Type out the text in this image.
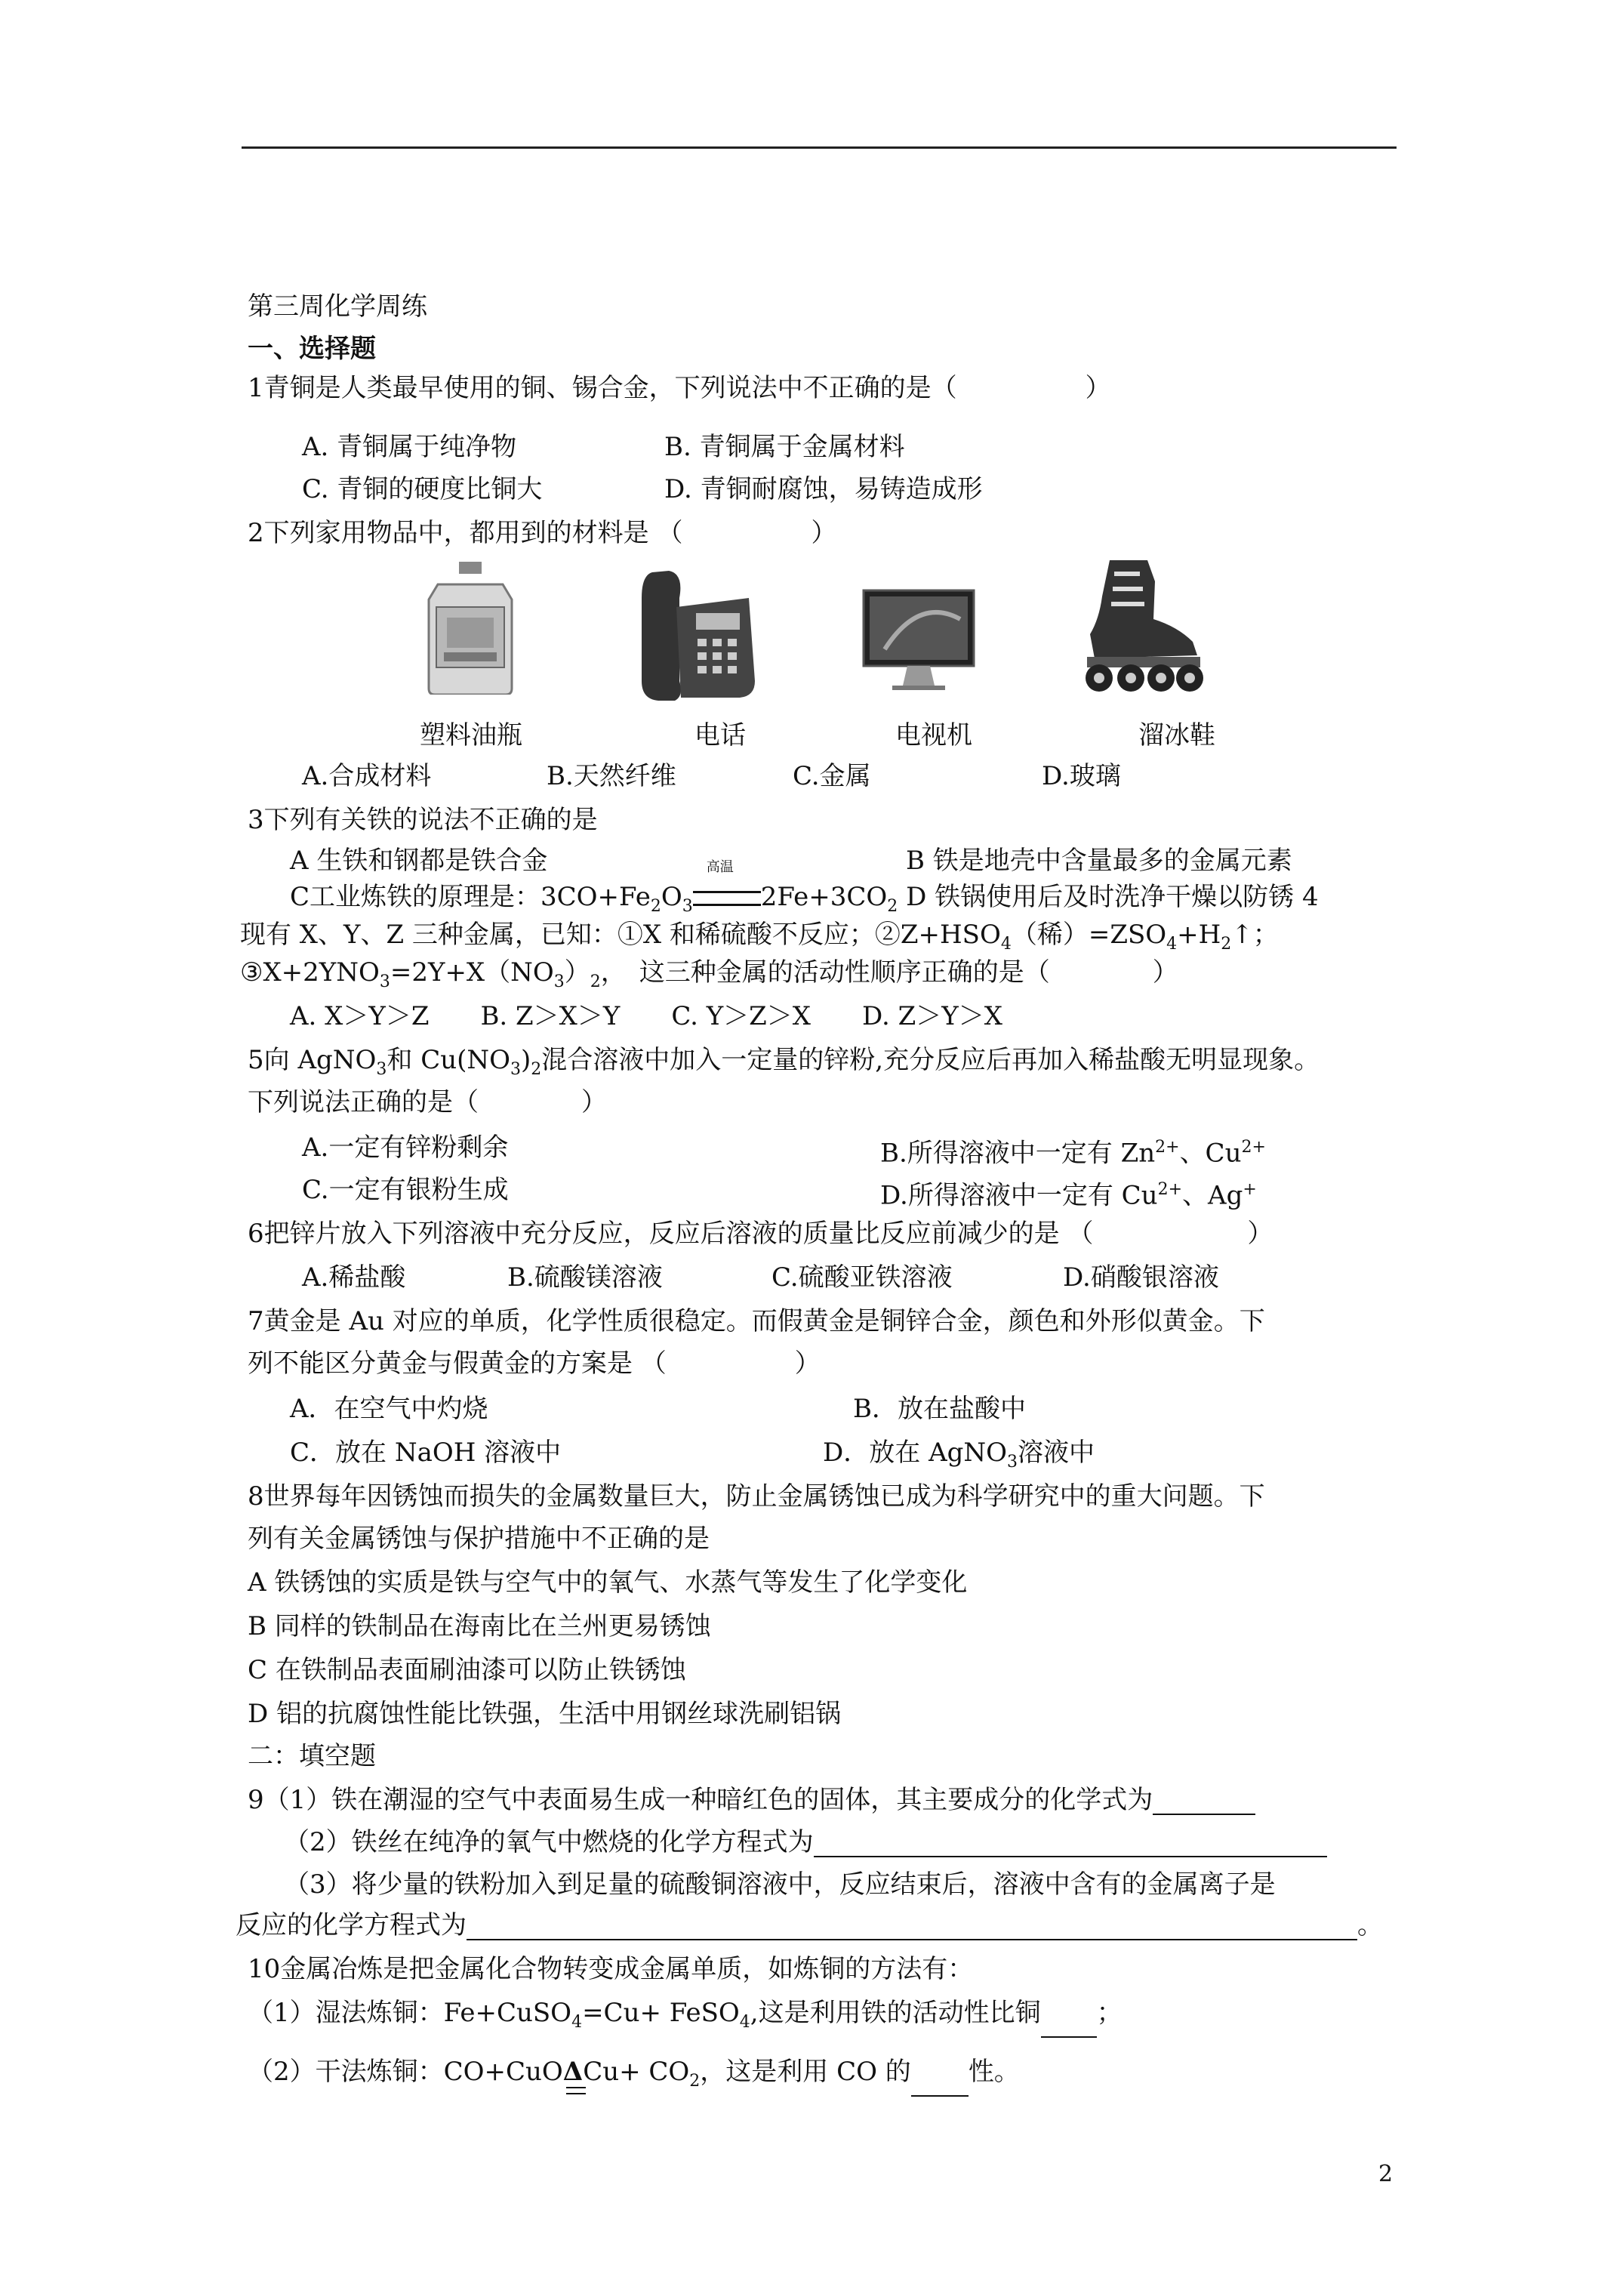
第三周化学周练
一、选择题
1青铜是人类最早使用的铜、锡合金，下列说法中不正确的是（　　　　　）
A. 青铜属于纯净物	B. 青铜属于金属材料
C. 青铜的硬度比铜大	D. 青铜耐腐蚀，易铸造成形
2下列家用物品中，都用到的材料是 （　　　　　）
塑料油瓶	电话	电视机	溜冰鞋
A.合成材料	B.天然纤维	C.金属	D.玻璃
3下列有关铁的说法不正确的是
A 生铁和钢都是铁合金	B 铁是地壳中含量最多的金属元素
C工业炼铁的原理是：$3CO+Fe_2O_3$
高温
$2Fe+3CO_2$ D 铁锅使用后及时洗净干燥以防锈 4
现有 X、Y、Z 三种金属，已知：①X 和稀硫酸不反应；$②Z+HSO_4$（稀）$=ZSO_4+H_2↑$；
$③X+2YNO_3=2Y+X(NO_3)_2$，　这三种金属的活动性顺序正确的是（　　　　）
A. X＞Y＞Z　　B. Z＞X＞Y　　C. Y＞Z＞X　　D. Z＞Y＞X
5向 AgNO$_3$和 $Cu(NO_3)_2$混合溶液中加入一定量的锌粉,充分反应后再加入稀盐酸无明显现象。
下列说法正确的是（　　　　）
A.一定有锌粉剩余	B.所得溶液中一定有 $Zn^{2+}$、$Cu^{2+}$
C.一定有银粉生成	D.所得溶液中一定有 $Cu^{2+}$、Ag+
6把锌片放入下列溶液中充分反应，反应后溶液的质量比反应前减少的是 （　　　　　　）
A.稀盐酸	B.硫酸镁溶液	C.硫酸亚铁溶液	D.硝酸银溶液
7黄金是 Au 对应的单质，化学性质很稳定。而假黄金是铜锌合金，颜色和外形似黄金。下
列不能区分黄金与假黄金的方案是 （　　　　　）
A．在空气中灼烧	B．放在盐酸中
C．放在 NaOH 溶液中	D．放在 AgNO$_3$溶液中
8世界每年因锈蚀而损失的金属数量巨大，防止金属锈蚀已成为科学研究中的重大问题。下
列有关金属锈蚀与保护措施中不正确的是
A 铁锈蚀的实质是铁与空气中的氧气、水蒸气等发生了化学变化
B 同样的铁制品在海南比在兰州更易锈蚀
C 在铁制品表面刷油漆可以防止铁锈蚀
D 铝的抗腐蚀性能比铁强，生活中用钢丝球洗刷铝锅
二：填空题
9（1）铁在潮湿的空气中表面易生成一种暗红色的固体，其主要成分的化学式为
（2）铁丝在纯净的氧气中燃烧的化学方程式为
（3）将少量的铁粉加入到足量的硫酸铜溶液中，反应结束后，溶液中含有的金属离子是
反应的化学方程式为	。
10金属冶炼是把金属化合物转变成金属单质，如炼铜的方法有：
（1）湿法炼铜：Fe+CuSO$_4$=Cu+ FeSO$_4$,这是利用铁的活动性比铜 ；
（2）干法炼铜：CO+CuOΔ
$Cu+ CO_2$，这是利用 CO 的 性。
2
